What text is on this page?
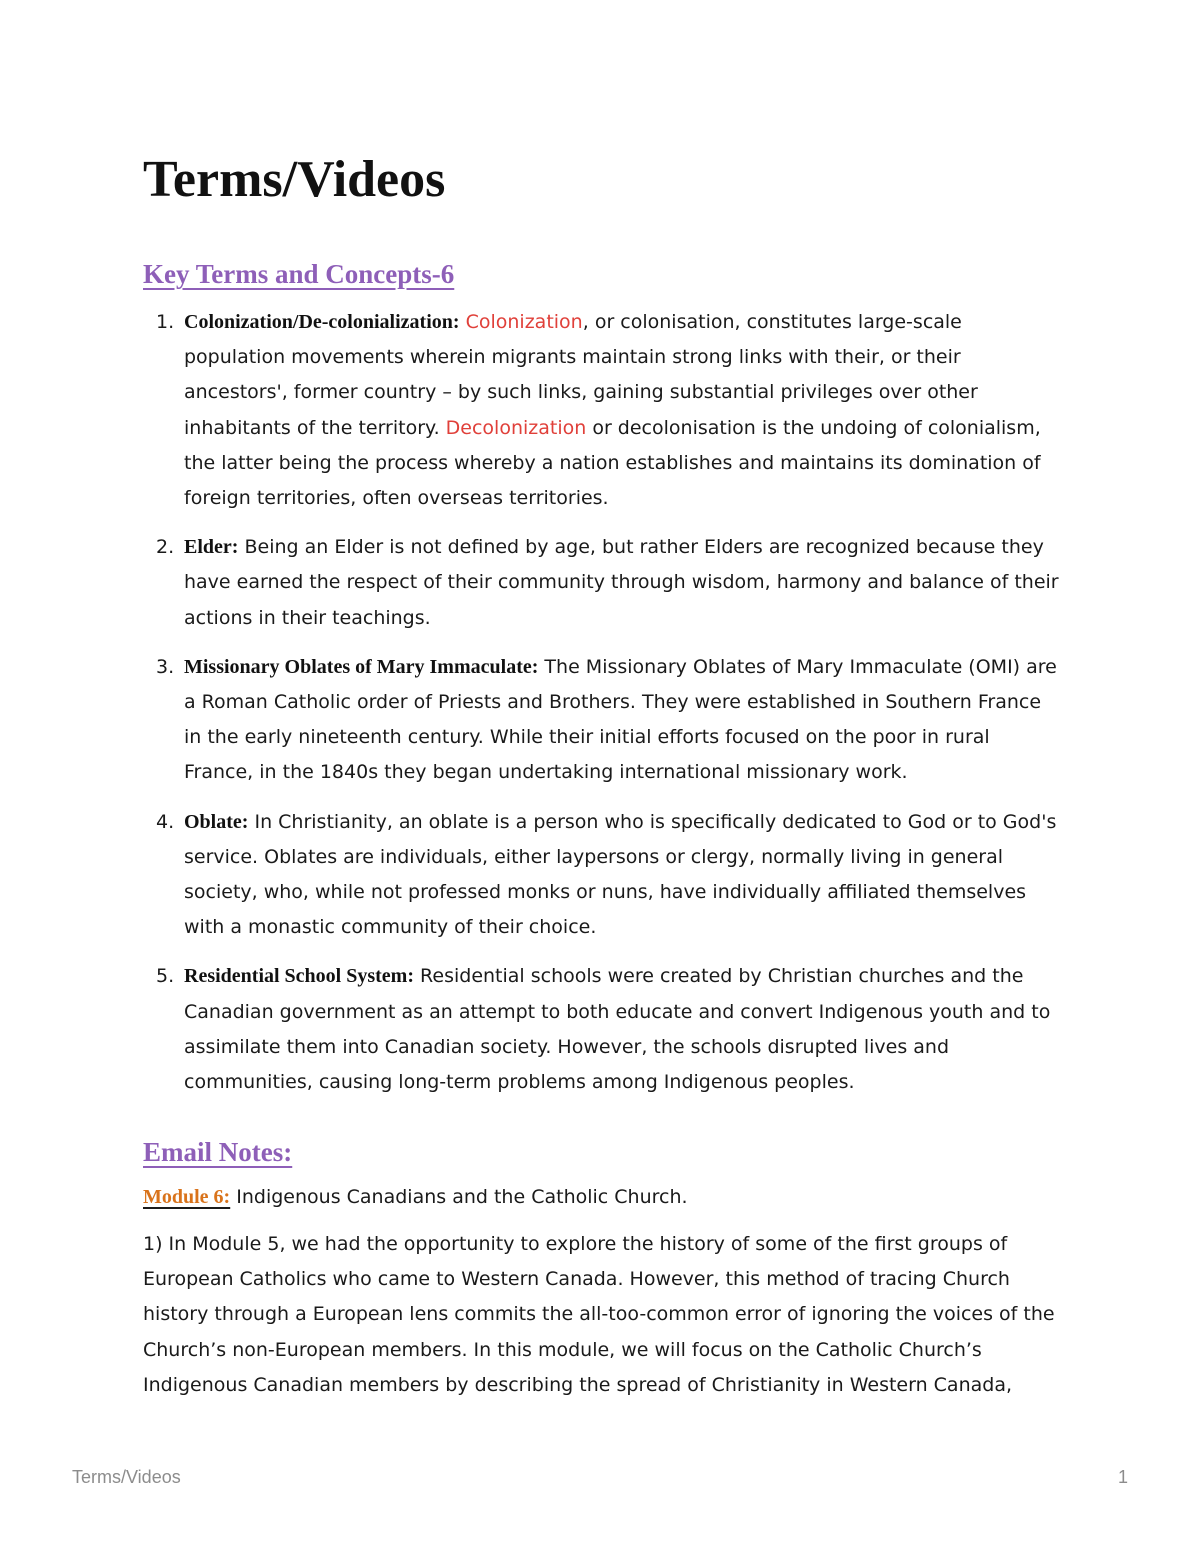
Terms/Videos
Key Terms and Concepts-6
1. Colonization/De-colonialization: Colonization, or colonisation, constitutes large-scale population movements wherein migrants maintain strong links with their, or their ancestors', former country – by such links, gaining substantial privileges over other inhabitants of the territory. Decolonization or decolonisation is the undoing of colonialism, the latter being the process whereby a nation establishes and maintains its domination of foreign territories, often overseas territories.
2. Elder: Being an Elder is not defined by age, but rather Elders are recognized because they have earned the respect of their community through wisdom, harmony and balance of their actions in their teachings.
3. Missionary Oblates of Mary Immaculate: The Missionary Oblates of Mary Immaculate (OMI) are a Roman Catholic order of Priests and Brothers. They were established in Southern France in the early nineteenth century. While their initial efforts focused on the poor in rural France, in the 1840s they began undertaking international missionary work.
4. Oblate: In Christianity, an oblate is a person who is specifically dedicated to God or to God's service. Oblates are individuals, either laypersons or clergy, normally living in general society, who, while not professed monks or nuns, have individually affiliated themselves with a monastic community of their choice.
5. Residential School System: Residential schools were created by Christian churches and the Canadian government as an attempt to both educate and convert Indigenous youth and to assimilate them into Canadian society. However, the schools disrupted lives and communities, causing long-term problems among Indigenous peoples.
Email Notes:

Module 6: Indigenous Canadians and the Catholic Church.

1) In Module 5, we had the opportunity to explore the history of some of the first groups of European Catholics who came to Western Canada. However, this method of tracing Church history through a European lens commits the all-too-common error of ignoring the voices of the Church’s non-European members. In this module, we will focus on the Catholic Church’s Indigenous Canadian members by describing the spread of Christianity in Western Canada,

Terms/Videos	1
